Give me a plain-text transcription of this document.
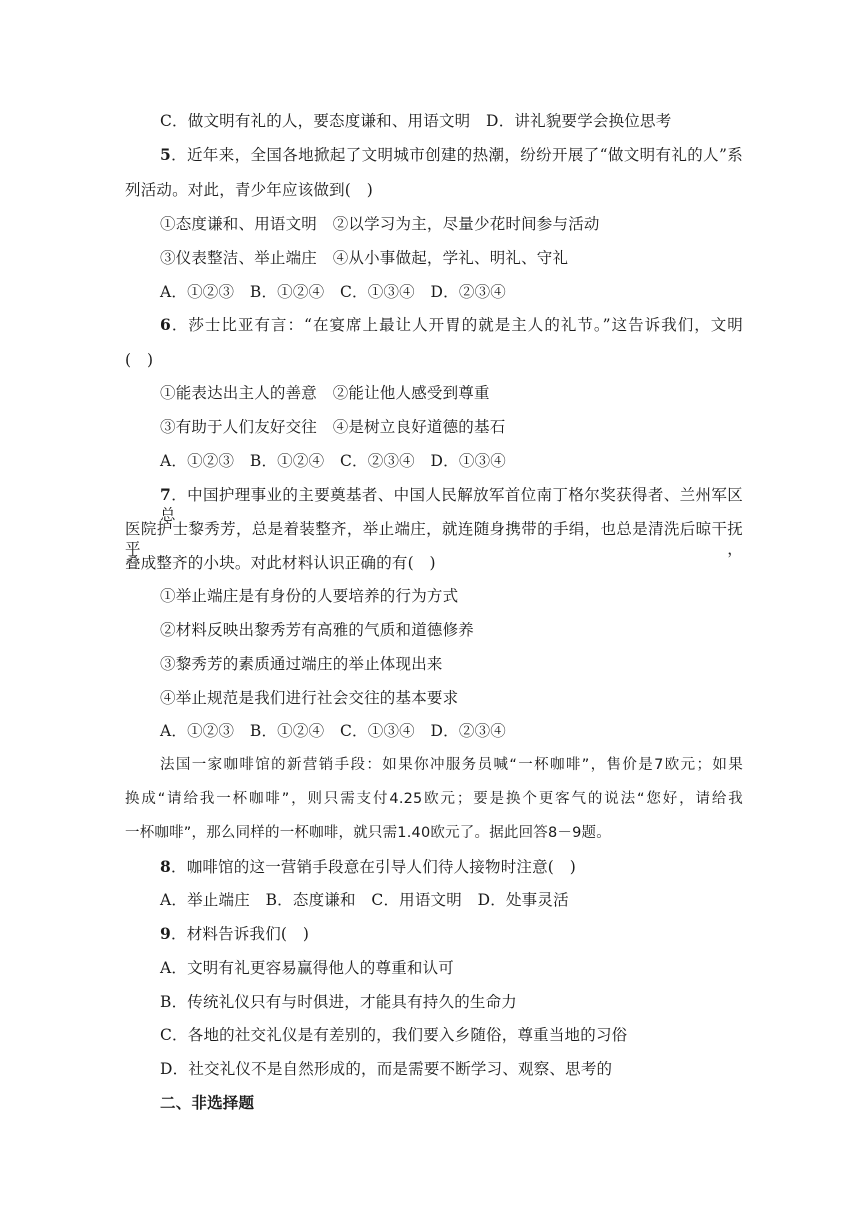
C．做文明有礼的人，要态度谦和、用语文明　D．讲礼貌要学会换位思考
5．近年来，全国各地掀起了文明城市创建的热潮，纷纷开展了“做文明有礼的人”系
列活动。对此，青少年应该做到(　)
①态度谦和、用语文明　②以学习为主，尽量少花时间参与活动
③仪表整洁、举止端庄　④从小事做起，学礼、明礼、守礼
A．①②③　B．①②④　C．①③④　D．②③④
6．莎士比亚有言：“在宴席上最让人开胃的就是主人的礼节。”这告诉我们，文明
(　)
①能表达出主人的善意　②能让他人感受到尊重
③有助于人们友好交往　④是树立良好道德的基石
A．①②③　B．①②④　C．②③④　D．①③④
7．中国护理事业的主要奠基者、中国人民解放军首位南丁格尔奖获得者、兰州军区总
医院护士黎秀芳，总是着装整齐，举止端庄，就连随身携带的手绢，也总是清洗后晾干抚平，
叠成整齐的小块。对此材料认识正确的有(　)
①举止端庄是有身份的人要培养的行为方式
②材料反映出黎秀芳有高雅的气质和道德修养
③黎秀芳的素质通过端庄的举止体现出来
④举止规范是我们进行社会交往的基本要求
A．①②③　B．①②④　C．①③④　D．②③④
法国一家咖啡馆的新营销手段：如果你冲服务员喊“一杯咖啡”，售价是7欧元；如果
换成“请给我一杯咖啡”，则只需支付4.25欧元；要是换个更客气的说法“您好，请给我
一杯咖啡”，那么同样的一杯咖啡，就只需1.40欧元了。据此回答8－9题。
8．咖啡馆的这一营销手段意在引导人们待人接物时注意(　)
A．举止端庄　B．态度谦和　C．用语文明　D．处事灵活
9．材料告诉我们(　)
A．文明有礼更容易赢得他人的尊重和认可
B．传统礼仪只有与时俱进，才能具有持久的生命力
C．各地的社交礼仪是有差别的，我们要入乡随俗，尊重当地的习俗
D．社交礼仪不是自然形成的，而是需要不断学习、观察、思考的
二、非选择题
